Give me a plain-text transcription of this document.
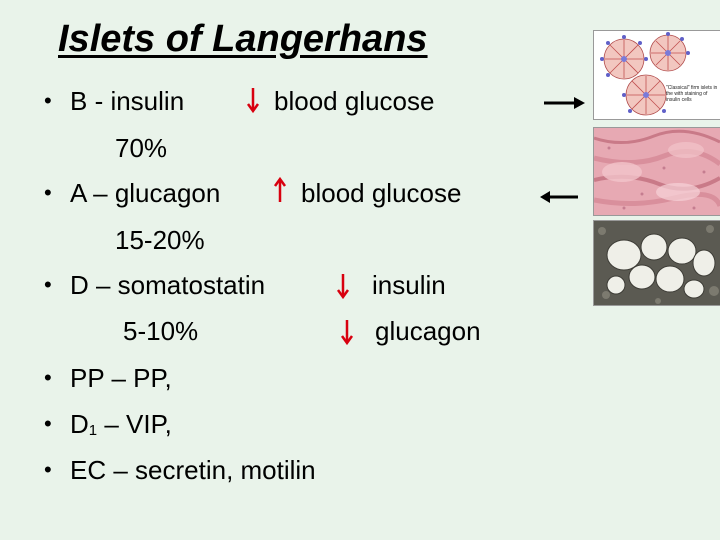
Islets of Langerhans
• B - insulin	blood glucose
70%
• A – glucagon	blood glucose
15-20%
• D – somatostatin	insulin
5-10%	glucagon
• PP – PP,
• D1 – VIP,
• EC – secretin, motilin
"Classical" firm islets in the with staining of insulin cells
